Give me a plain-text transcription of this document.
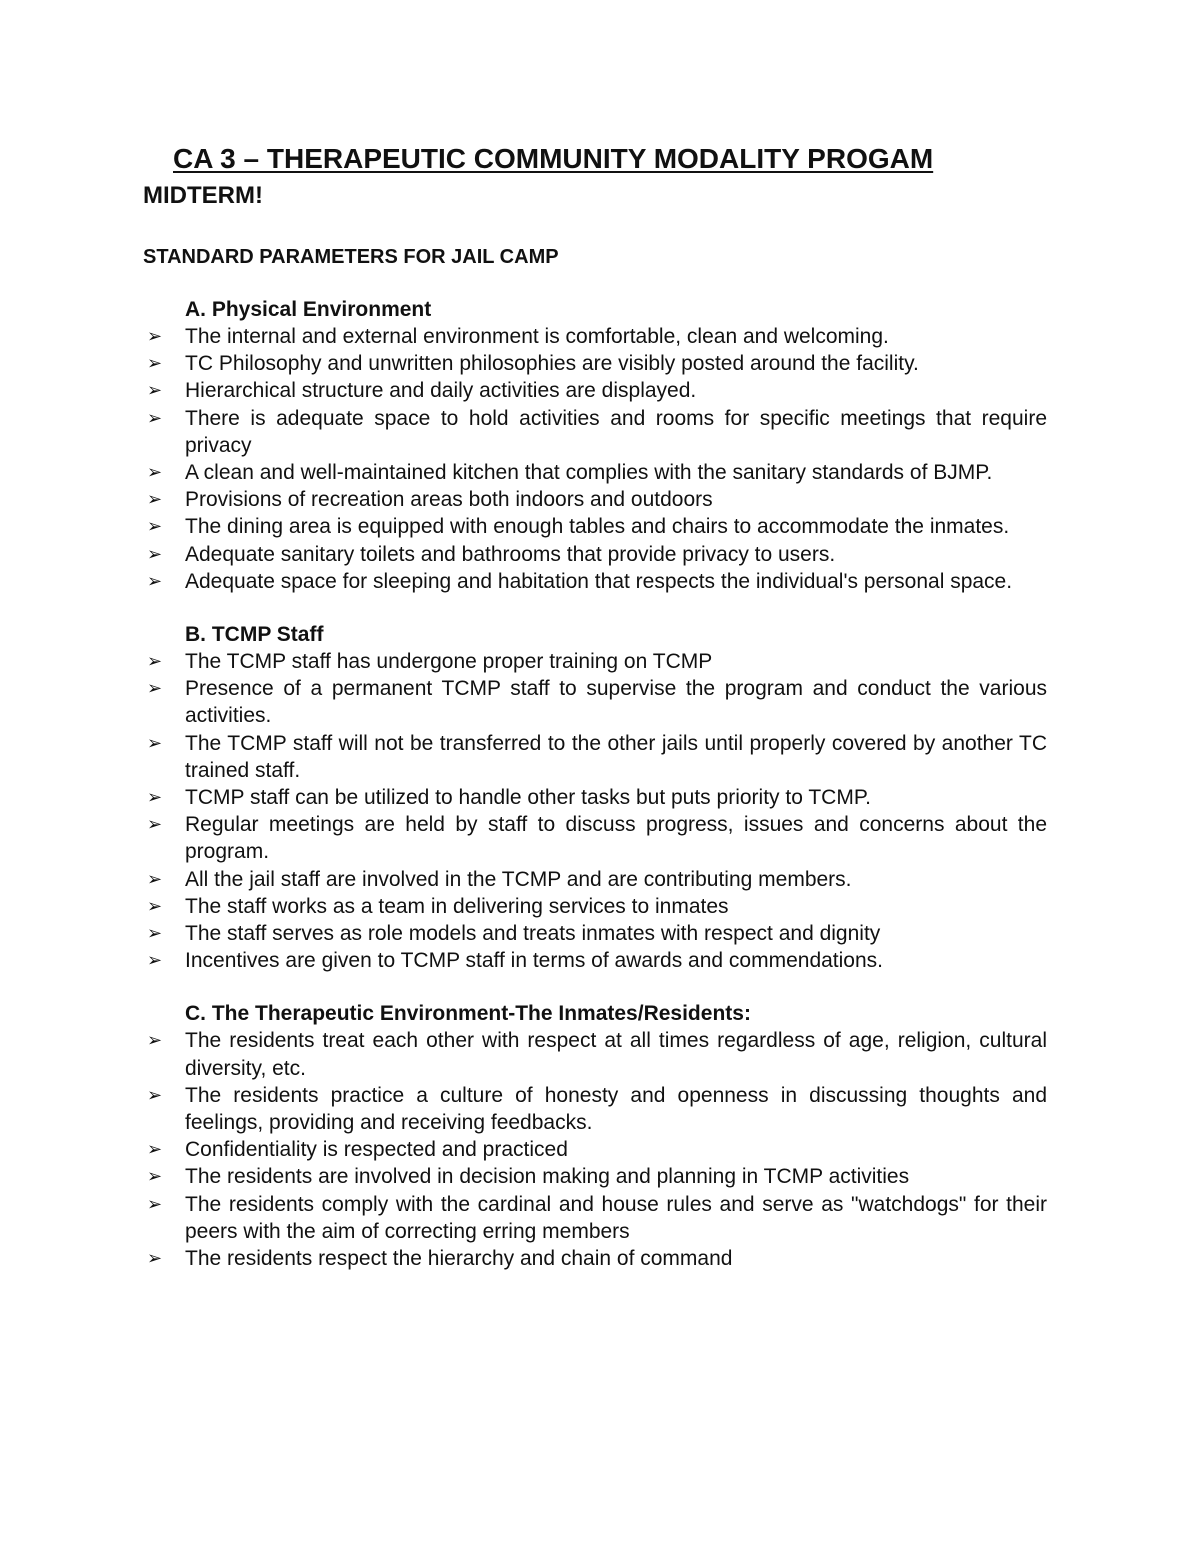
CA 3 – THERAPEUTIC COMMUNITY MODALITY PROGAM

MIDTERM!

STANDARD PARAMETERS FOR JAIL CAMP

A. Physical Environment

➢	The internal and external environment is comfortable, clean and welcoming.
➢	TC Philosophy and unwritten philosophies are visibly posted around the facility.
➢	Hierarchical structure and daily activities are displayed.
➢	There is adequate space to hold activities and rooms for specific meetings that require privacy
➢	A clean and well-maintained kitchen that complies with the sanitary standards of BJMP.
➢	Provisions of recreation areas both indoors and outdoors
➢	The dining area is equipped with enough tables and chairs to accommodate the inmates.
➢	Adequate sanitary toilets and bathrooms that provide privacy to users.
➢	Adequate space for sleeping and habitation that respects the individual's personal space.

B. TCMP Staff

➢	The TCMP staff has undergone proper training on TCMP
➢	Presence of a permanent TCMP staff to supervise the program and conduct the various activities.
➢	The TCMP staff will not be transferred to the other jails until properly covered by another TC trained staff.
➢	TCMP staff can be utilized to handle other tasks but puts priority to TCMP.
➢	Regular meetings are held by staff to discuss progress, issues and concerns about the program.
➢	All the jail staff are involved in the TCMP and are contributing members.
➢	The staff works as a team in delivering services to inmates
➢	The staff serves as role models and treats inmates with respect and dignity
➢	Incentives are given to TCMP staff in terms of awards and commendations.

C. The Therapeutic Environment-The Inmates/Residents:

➢	The residents treat each other with respect at all times regardless of age, religion, cultural diversity, etc.
➢	The residents practice a culture of honesty and openness in discussing thoughts and feelings, providing and receiving feedbacks.
➢	Confidentiality is respected and practiced
➢	The residents are involved in decision making and planning in TCMP activities
➢	The residents comply with the cardinal and house rules and serve as "watchdogs" for their peers with the aim of correcting erring members
➢	The residents respect the hierarchy and chain of command
